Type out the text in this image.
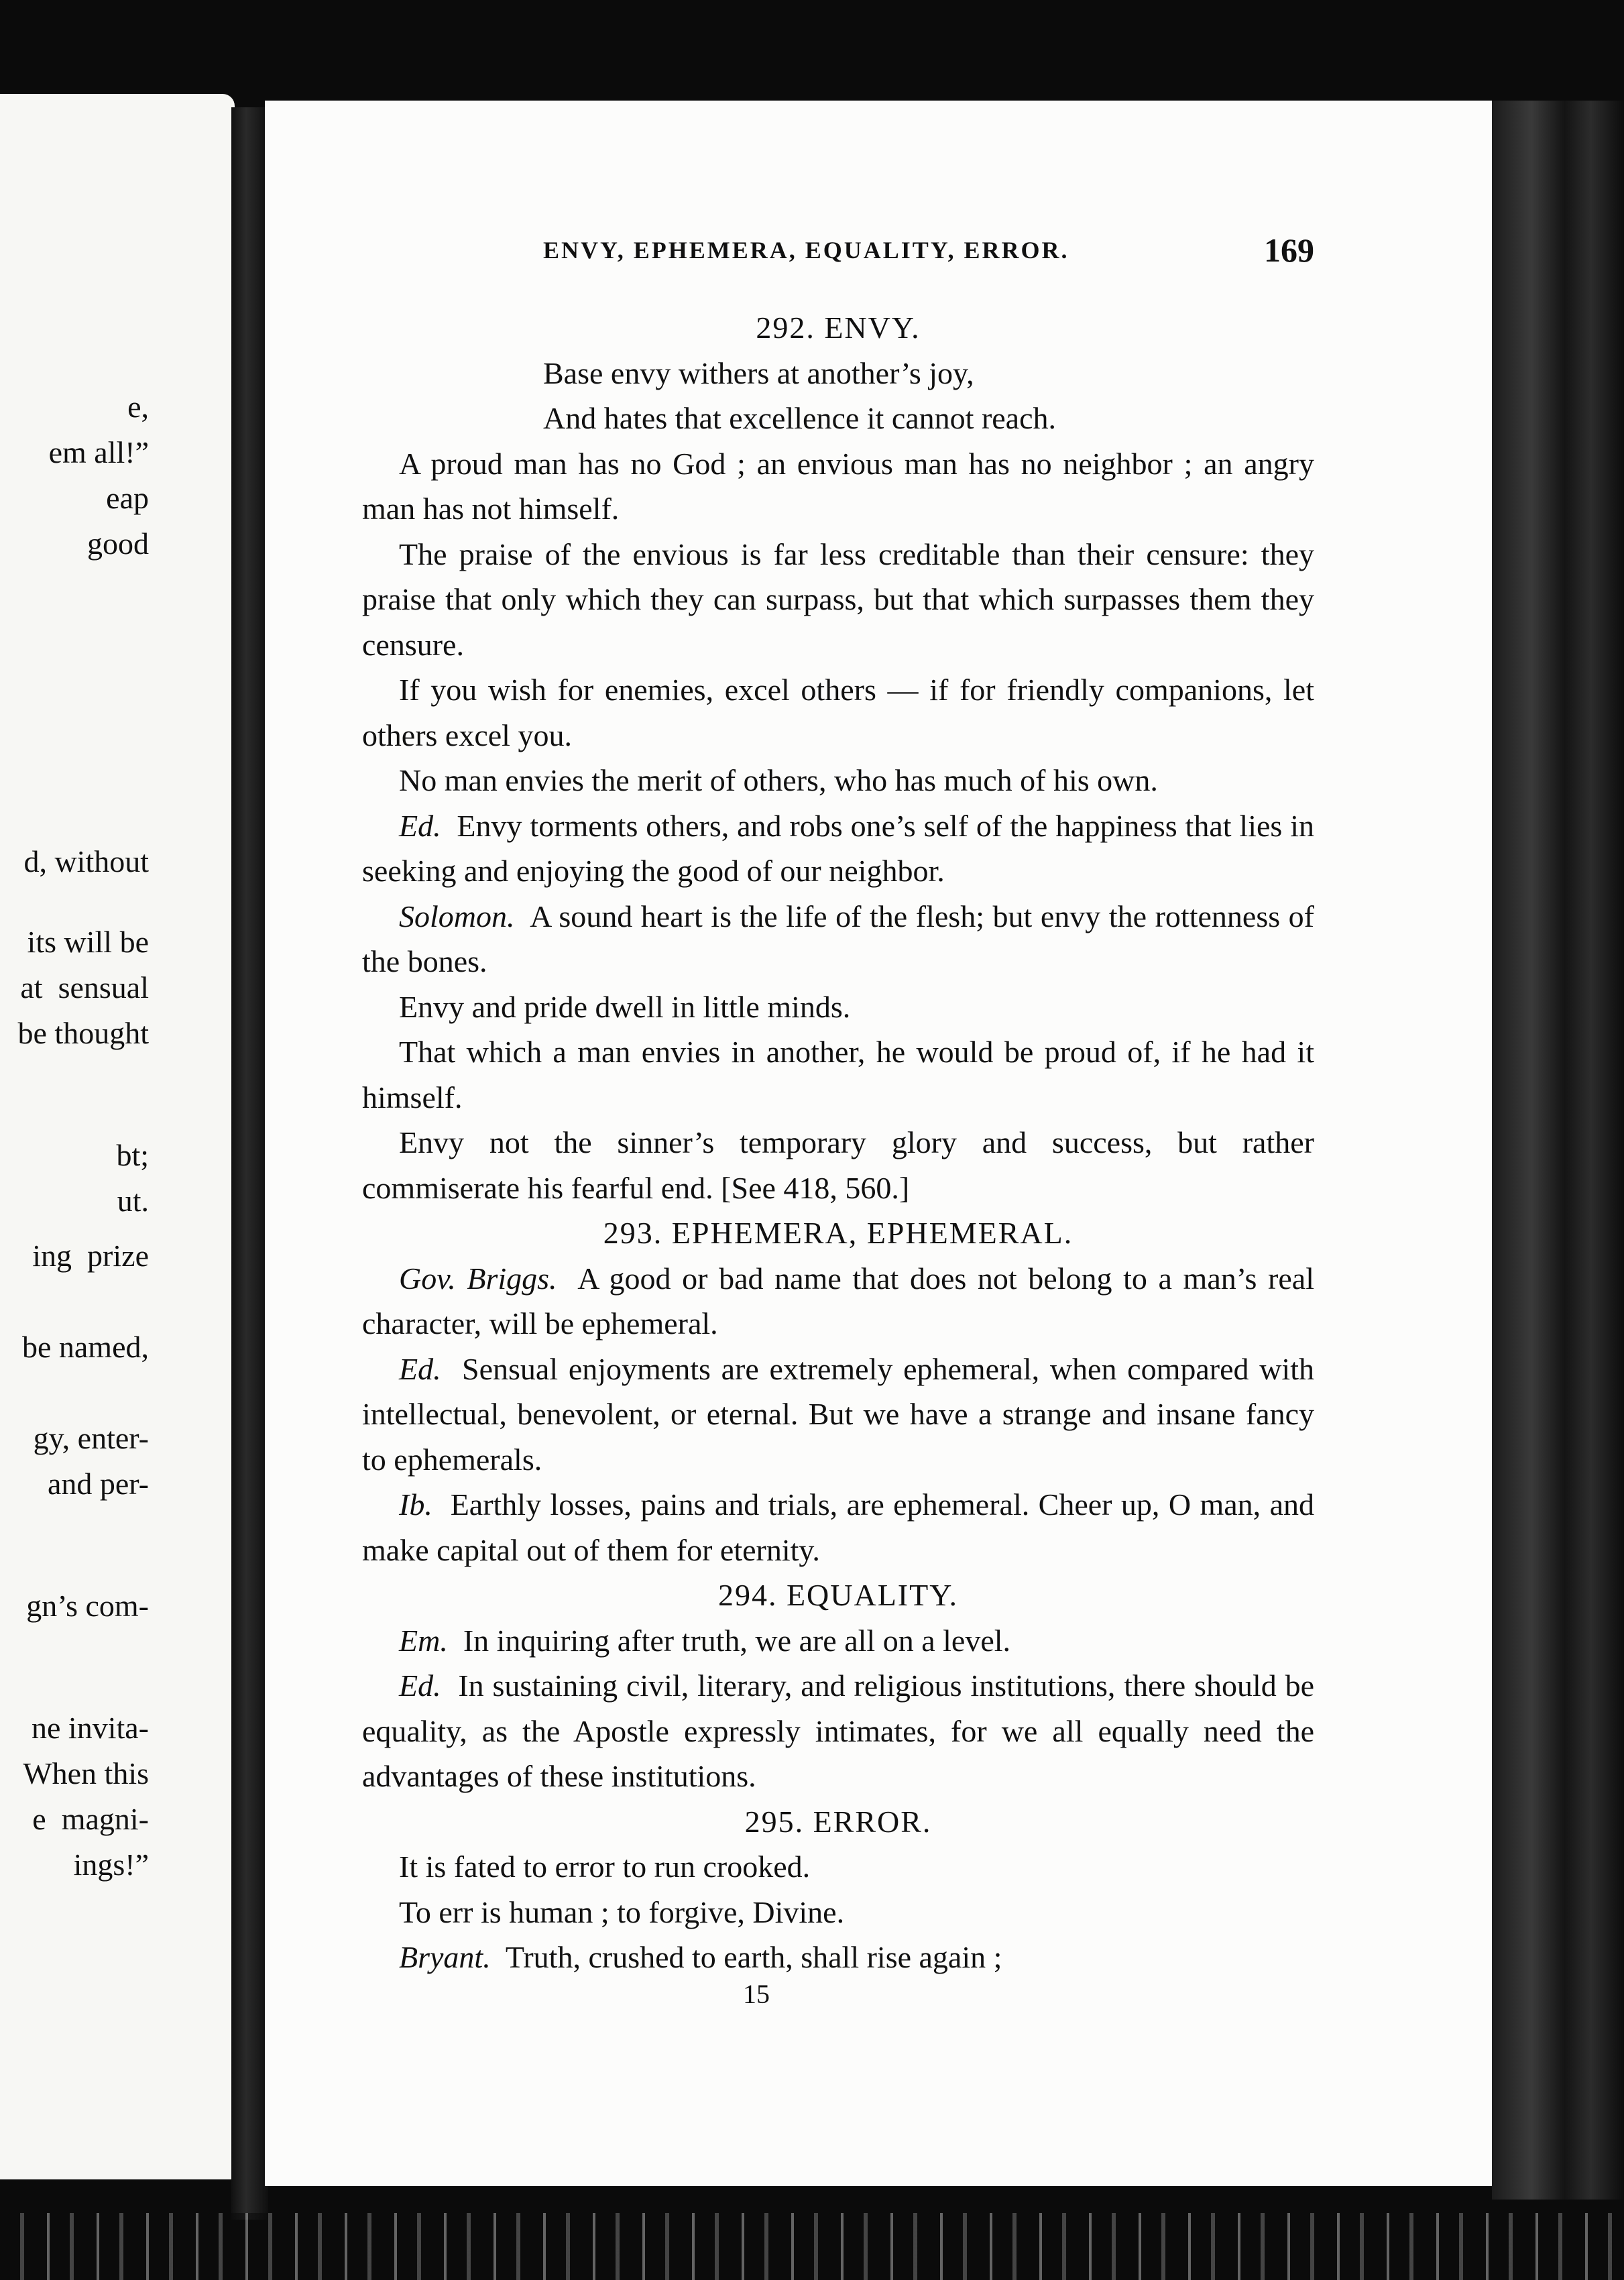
e,
em all!”
eap
good
d, without
its will be
at  sensual
be thought
bt;
ut.
ing  prize
be named,
gy, enter-
and per-
gn’s com-
ne invita-
When this
e  magni-
ings!”
ENVY, EPHEMERA, EQUALITY, ERROR.	169
292. ENVY.
Base envy withers at another’s joy,
And hates that excellence it cannot reach.

A proud man has no God ; an envious man has no neighbor ; an angry man has not himself.

The praise of the envious is far less creditable than their censure: they praise that only which they can surpass, but that which surpasses them they censure.

If you wish for enemies, excel others — if for friendly companions, let others excel you.

No man envies the merit of others, who has much of his own.

Ed. Envy torments others, and robs one’s self of the happiness that lies in seeking and enjoying the good of our neighbor.

Solomon. A sound heart is the life of the flesh; but envy the rottenness of the bones.

Envy and pride dwell in little minds.

That which a man envies in another, he would be proud of, if he had it himself.

Envy not the sinner’s temporary glory and success, but rather commiserate his fearful end. [See 418, 560.]

293. EPHEMERA, EPHEMERAL.

Gov. Briggs. A good or bad name that does not belong to a man’s real character, will be ephemeral.

Ed. Sensual enjoyments are extremely ephemeral, when compared with intellectual, benevolent, or eternal. But we have a strange and insane fancy to ephemerals.

Ib. Earthly losses, pains and trials, are ephemeral. Cheer up, O man, and make capital out of them for eternity.

294. EQUALITY.

Em. In inquiring after truth, we are all on a level.

Ed. In sustaining civil, literary, and religious institutions, there should be equality, as the Apostle expressly intimates, for we all equally need the advantages of these institutions.

295. ERROR.

It is fated to error to run crooked.

To err is human ; to forgive, Divine.

Bryant. Truth, crushed to earth, shall rise again ;

15
